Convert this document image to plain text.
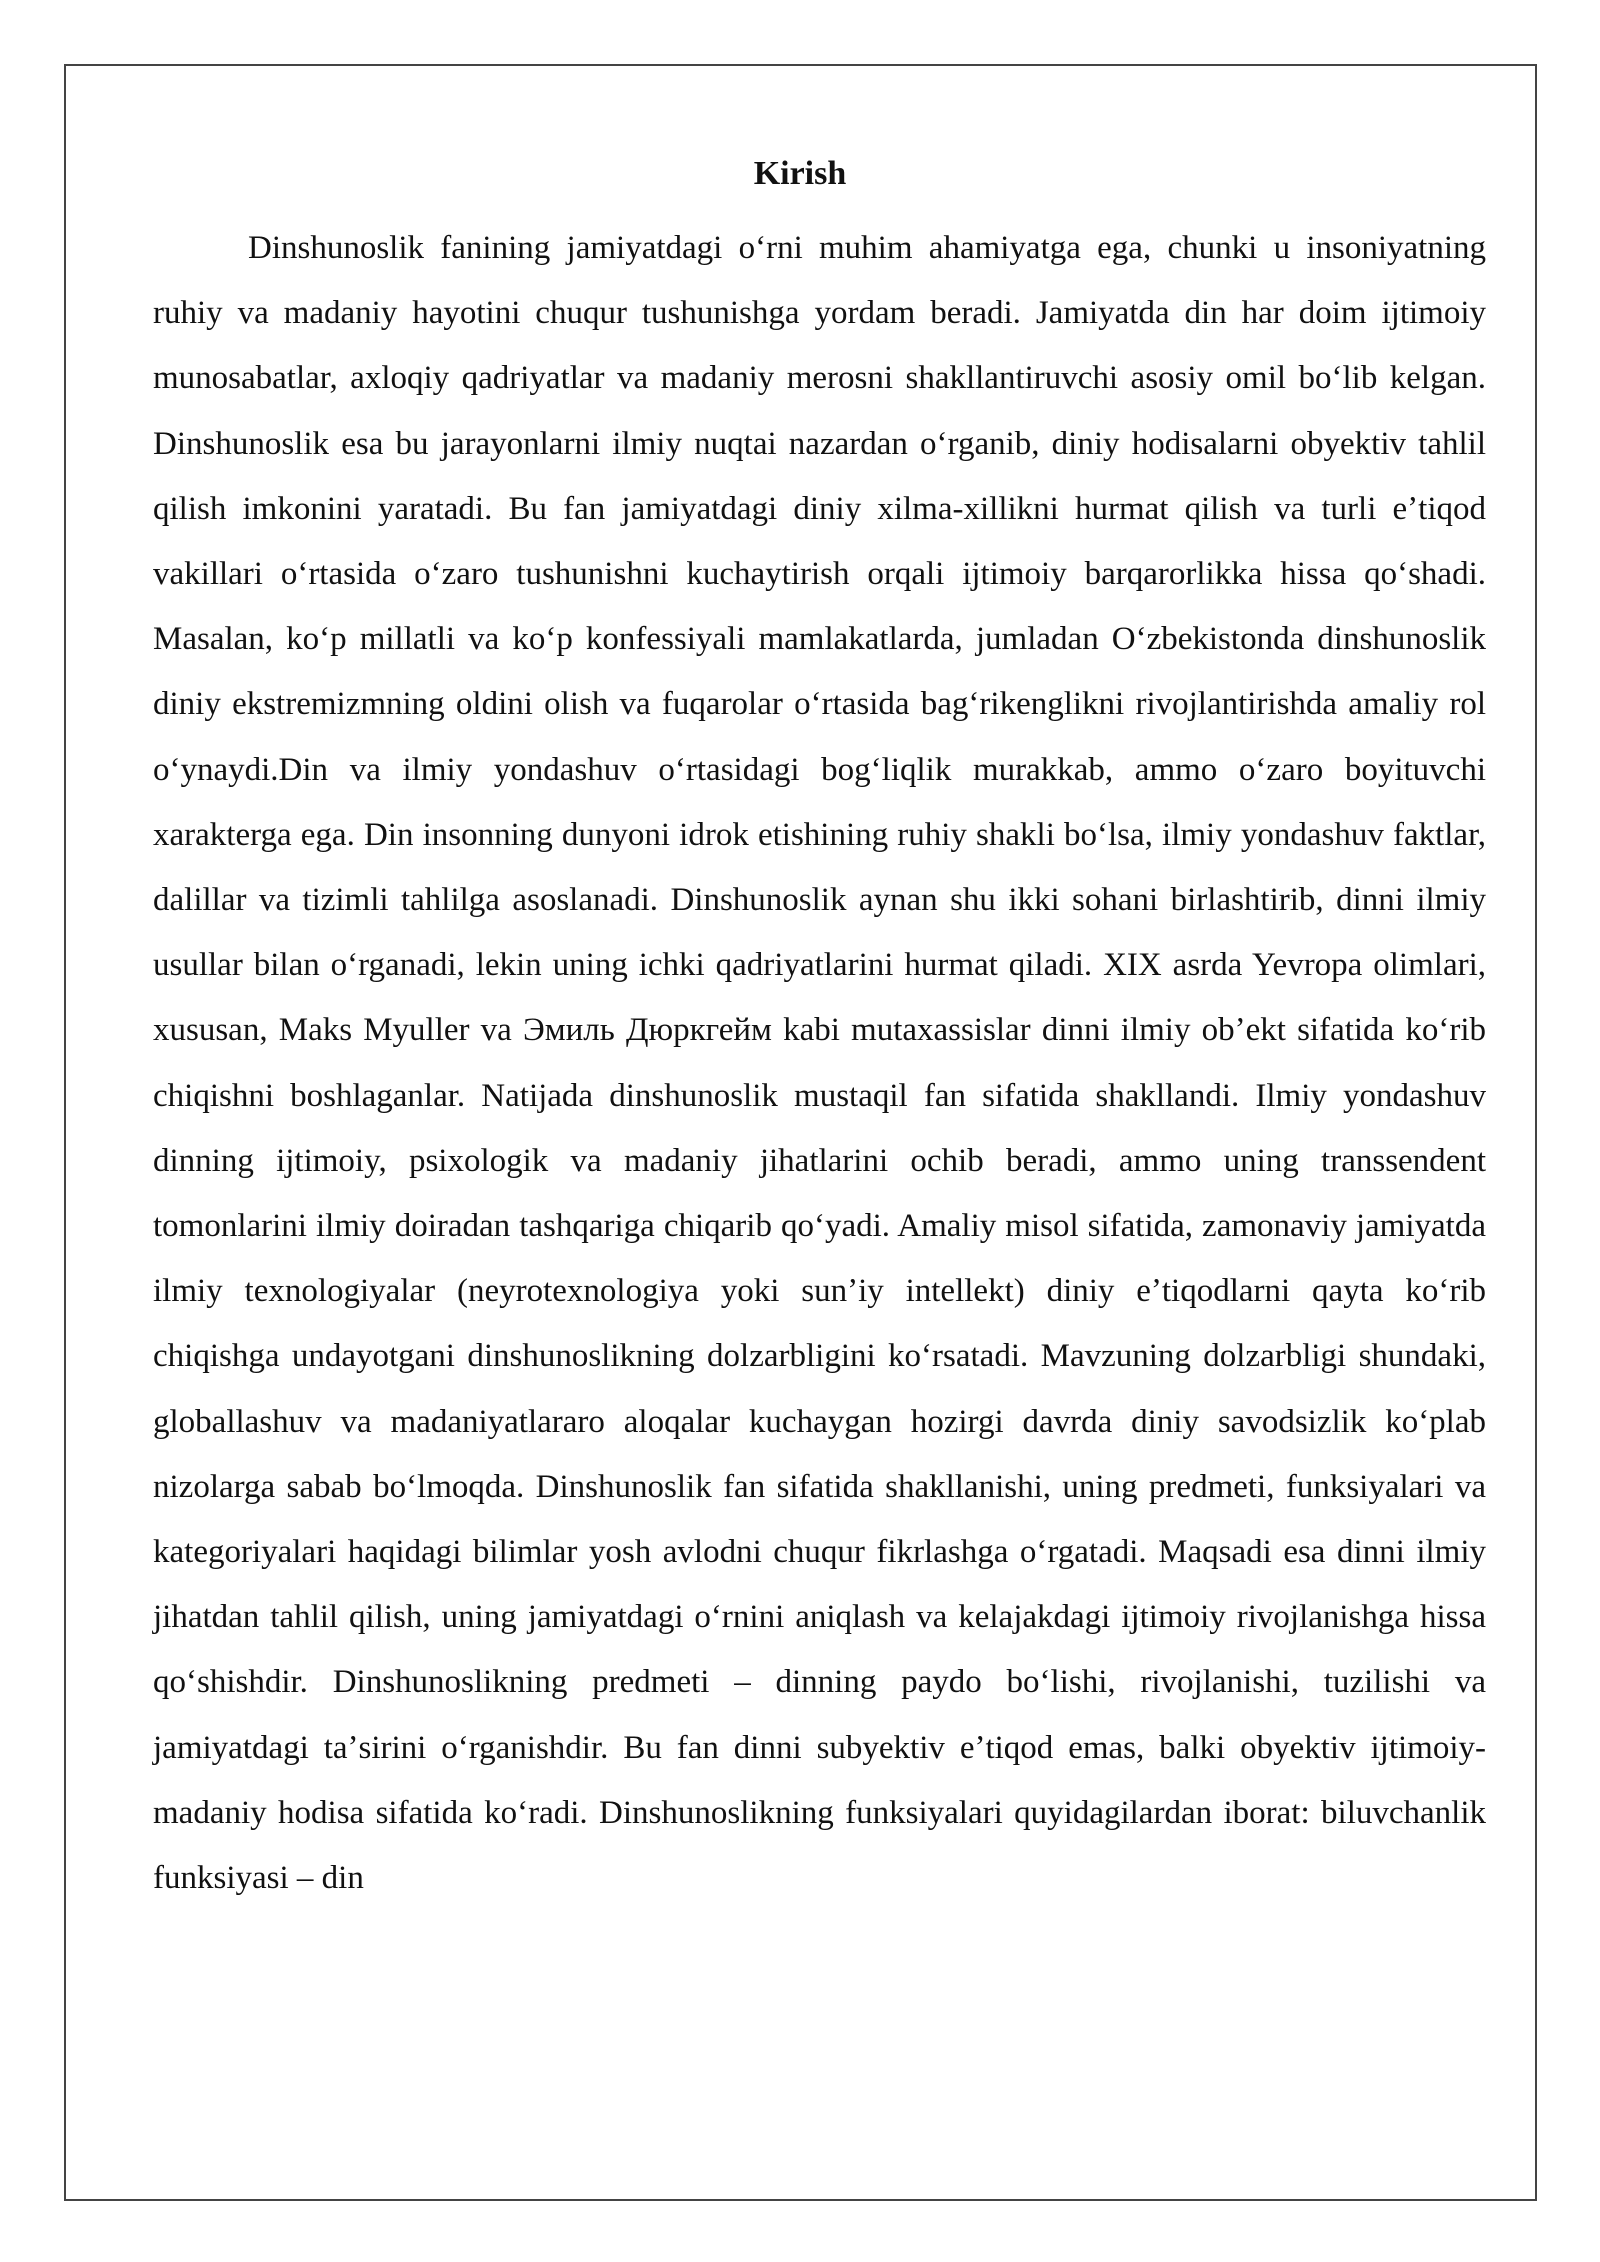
Kirish

Dinshunoslik fanining jamiyatdagi oʻrni muhim ahamiyatga ega, chunki u insoniyatning ruhiy va madaniy hayotini chuqur tushunishga yordam beradi. Jamiyatda din har doim ijtimoiy munosabatlar, axloqiy qadriyatlar va madaniy merosni shakllantiruvchi asosiy omil boʻlib kelgan. Dinshunoslik esa bu jarayonlarni ilmiy nuqtai nazardan oʻrganib, diniy hodisalarni obyektiv tahlil qilish imkonini yaratadi. Bu fan jamiyatdagi diniy xilma-xillikni hurmat qilish va turli eʼtiqod vakillari oʻrtasida oʻzaro tushunishni kuchaytirish orqali ijtimoiy barqarorlikka hissa qoʻshadi. Masalan, koʻp millatli va koʻp konfessiyali mamlakatlarda, jumladan Oʻzbekistonda dinshunoslik diniy ekstremizmning oldini olish va fuqarolar oʻrtasida bagʻrikenglikni rivojlantirishda amaliy rol oʻynaydi.Din va ilmiy yondashuv oʻrtasidagi bogʻliqlik murakkab, ammo oʻzaro boyituvchi xarakterga ega. Din insonning dunyoni idrok etishining ruhiy shakli boʻlsa, ilmiy yondashuv faktlar, dalillar va tizimli tahlilga asoslanadi. Dinshunoslik aynan shu ikki sohani birlashtirib, dinni ilmiy usullar bilan oʻrganadi, lekin uning ichki qadriyatlarini hurmat qiladi. XIX asrda Yevropa olimlari, xususan, Maks Myuller va Эмиль Дюркгейм kabi mutaxassislar dinni ilmiy obʼekt sifatida koʻrib chiqishni boshlaganlar. Natijada dinshunoslik mustaqil fan sifatida shakllandi. Ilmiy yondashuv dinning ijtimoiy, psixologik va madaniy jihatlarini ochib beradi, ammo uning transsendent tomonlarini ilmiy doiradan tashqariga chiqarib qoʻyadi. Amaliy misol sifatida, zamonaviy jamiyatda ilmiy texnologiyalar (neyrotexnologiya yoki sunʼiy intellekt) diniy eʼtiqodlarni qayta koʻrib chiqishga undayotgani dinshunoslikning dolzarbligini koʻrsatadi. Mavzuning dolzarbligi shundaki, globallashuv va madaniyatlararo aloqalar kuchaygan hozirgi davrda diniy savodsizlik koʻplab nizolarga sabab boʻlmoqda. Dinshunoslik fan sifatida shakllanishi, uning predmeti, funksiyalari va kategoriyalari haqidagi bilimlar yosh avlodni chuqur fikrlashga oʻrgatadi. Maqsadi esa dinni ilmiy jihatdan tahlil qilish, uning jamiyatdagi oʻrnini aniqlash va kelajakdagi ijtimoiy rivojlanishga hissa qoʻshishdir. Dinshunoslikning predmeti – dinning paydo boʻlishi, rivojlanishi, tuzilishi va jamiyatdagi taʼsirini oʻrganishdir. Bu fan dinni subyektiv eʼtiqod emas, balki obyektiv ijtimoiy-madaniy hodisa sifatida koʻradi. Dinshunoslikning funksiyalari quyidagilardan iborat: biluvchanlik funksiyasi – din
